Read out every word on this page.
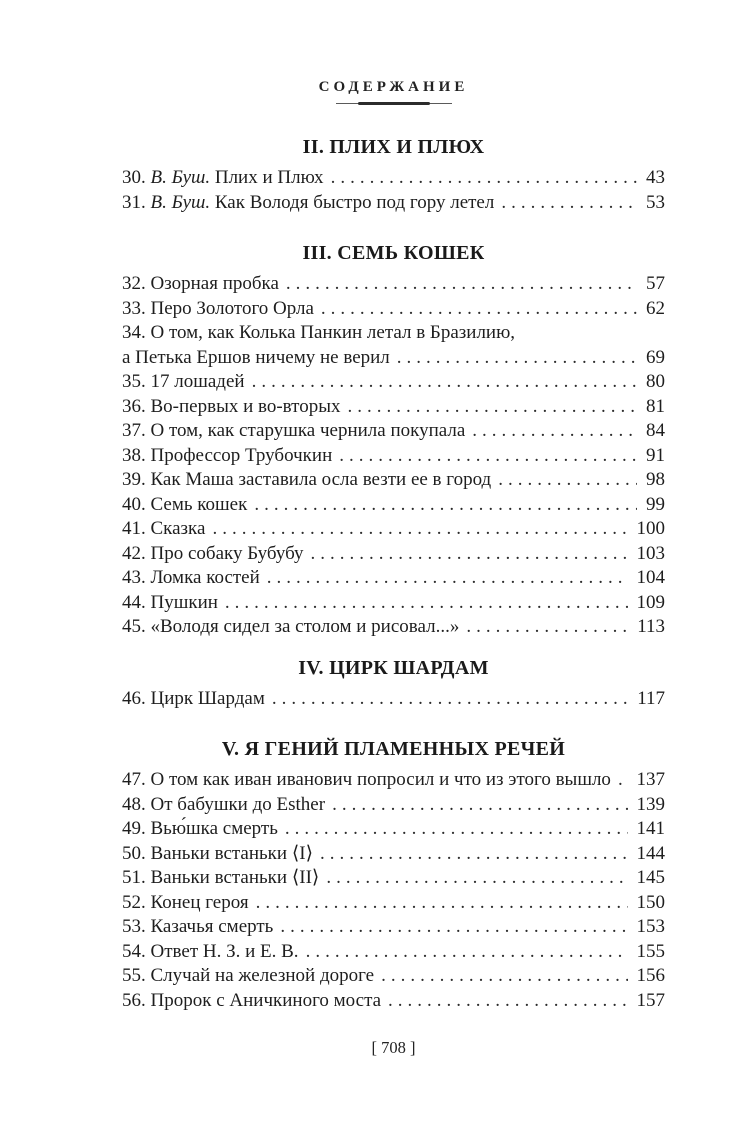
СОДЕРЖАНИЕ
II. ПЛИХ И ПЛЮХ
30. В. Буш. Плих и Плюх .....	43
31. В. Буш. Как Володя быстро под гору летел .....	53
III. СЕМЬ КОШЕК
32. Озорная пробка .....	57
33. Перо Золотого Орла .....	62
34. О том, как Колька Панкин летал в Бразилию,
а Петька Ершов ничему не верил .....	69
35. 17 лошадей .....	80
36. Во-первых и во-вторых .....	81
37. О том, как старушка чернила покупала .....	84
38. Профессор Трубочкин .....	91
39. Как Маша заставила осла везти ее в город .....	98
40. Семь кошек .....	99
41. Сказка .....	100
42. Про собаку Бубубу .....	103
43. Ломка костей .....	104
44. Пушкин .....	109
45. «Володя сидел за столом и рисовал...» .....	113
IV. ЦИРК ШАРДАМ
46. Цирк Шардам .....	117
V. Я ГЕНИЙ ПЛАМЕННЫХ РЕЧЕЙ
47. О том как иван иванович попросил и что из этого вышло ..... 137
48. От бабушки до Esther .....	139
49. Вью́шка смерть .....	141
50. Ваньки встаньки ⟨I⟩ .....	144
51. Ваньки встаньки ⟨II⟩ .....	145
52. Конец героя .....	150
53. Казачья смерть .....	153
54. Ответ Н. З. и Е. В. .....	155
55. Случай на железной дороге .....	156
56. Пророк с Аничкиного моста .....	157
[ 708 ]
